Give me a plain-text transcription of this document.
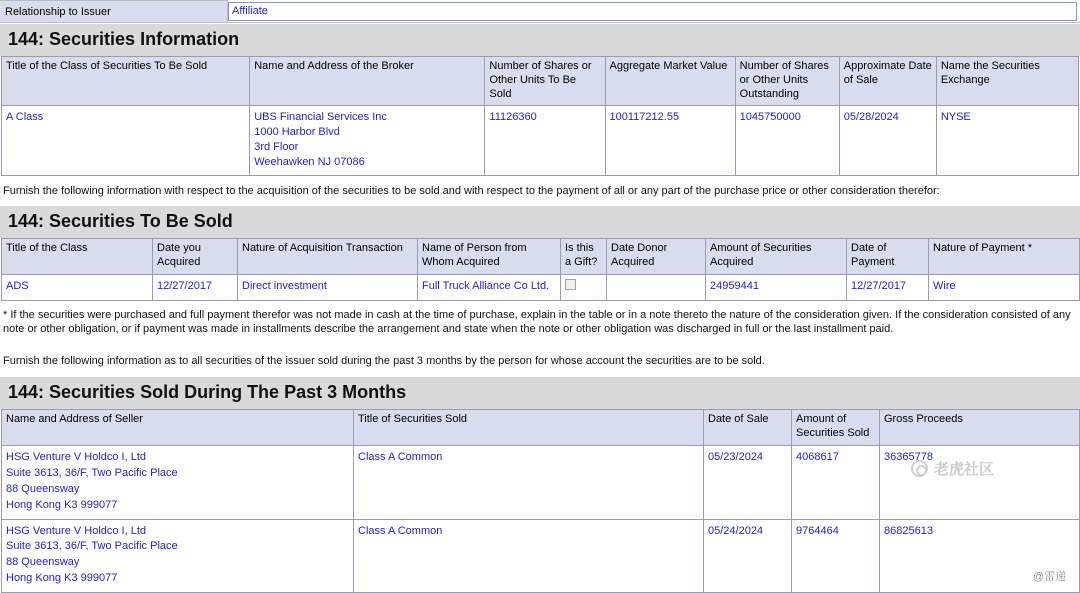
Relationship to Issuer
Affiliate
144: Securities Information
Title of the Class of Securities To Be Sold	Name and Address of the Broker	Number of Shares or Other Units To Be Sold	Aggregate Market Value	Number of Shares or Other Units Outstanding	Approximate Date of Sale	Name the Securities Exchange
A Class	UBS Financial Services Inc
1000 Harbor Blvd
3rd Floor
Weehawken NJ 07086	11126360	100117212.55	1045750000	05/28/2024	NYSE
Furnish the following information with respect to the acquisition of the securities to be sold and with respect to the payment of all or any part of the purchase price or other consideration therefor:
144: Securities To Be Sold
Title of the Class	Date you Acquired	Nature of Acquisition Transaction	Name of Person from Whom Acquired	Is this a Gift?	Date Donor Acquired	Amount of Securities Acquired	Date of Payment	Nature of Payment *
ADS	12/27/2017	Direct investment	Full Truck Alliance Co Ltd.			24959441	12/27/2017	Wire
* If the securities were purchased and full payment therefor was not made in cash at the time of purchase, explain in the table or in a note thereto the nature of the consideration given. If the consideration consisted of any note or other obligation, or if payment was made in installments describe the arrangement and state when the note or other obligation was discharged in full or the last installment paid.
Furnish the following information as to all securities of the issuer sold during the past 3 months by the person for whose account the securities are to be sold.
144: Securities Sold During The Past 3 Months
Name and Address of Seller	Title of Securities Sold	Date of Sale	Amount of Securities Sold	Gross Proceeds

HSG Venture V Holdco I, Ltd
Suite 3613, 36/F, Two Pacific Place
88 Queensway
Hong Kong K3 999077	Class A Common	05/23/2024	4068617	36365778

HSG Venture V Holdco I, Ltd
Suite 3613, 36/F, Two Pacific Place
88 Queensway
Hong Kong K3 999077	Class A Common	05/24/2024	9764464	86825613
老虎社区
@雷递
